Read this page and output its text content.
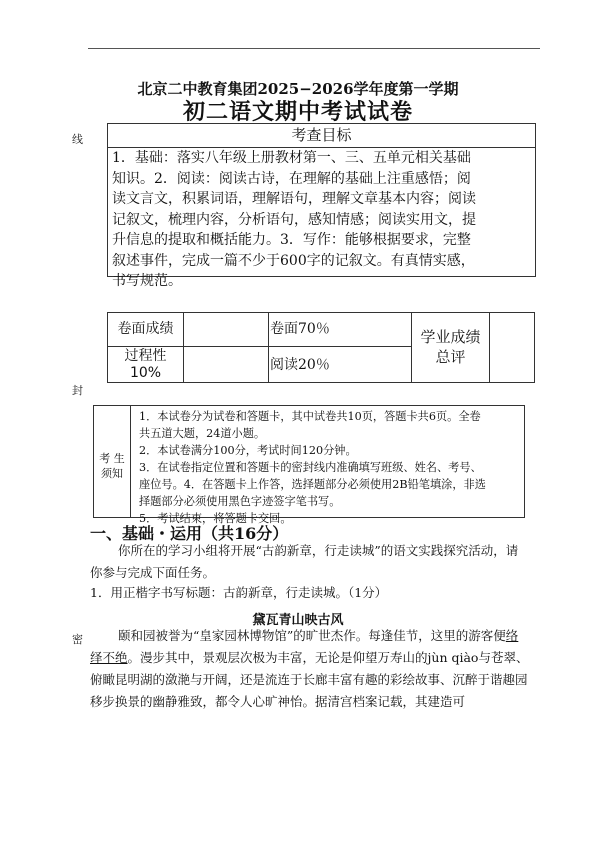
北京二中教育集团2025−2026学年度第一学期
初二语文期中考试试卷
线
封
密
考查目标
1．基础：落实八年级上册教材第一、三、五单元相关基础
知识。2．阅读：阅读古诗，在理解的基础上注重感悟；阅
读文言文，积累词语，理解语句，理解文章基本内容；阅读
记叙文，梳理内容，分析语句，感知情感；阅读实用文，提
升信息的提取和概括能力。3．写作：能够根据要求，完整
叙述事件，完成一篇不少于600字的记叙文。有真情实感，
书写规范。
卷面成绩	卷面70％
过程性
10%	阅读20％
学业成绩
总评
考 生
须知
1．本试卷分为试卷和答题卡，其中试卷共10页，答题卡共6页。全卷
共五道大题，24道小题。
2．本试卷满分100分，考试时间120分钟。
3．在试卷指定位置和答题卡的密封线内准确填写班级、姓名、考号、
座位号。4．在答题卡上作答，选择题部分必须使用2B铅笔填涂，非选
择题部分必须使用黑色字迹签字笔书写。
5．考试结束，将答题卡交回。
一、基础・运用（共16分）
你所在的学习小组将开展“古韵新章，行走读城”的语文实践探究活动，请
你参与完成下面任务。
1．用正楷字书写标题：古韵新章，行走读城。（1分）
黛瓦青山映古风
颐和园被誉为“皇家园林博物馆”的旷世杰作。每逢佳节，这里的游客便络
绎不绝。漫步其中，景观层次极为丰富，无论是仰望万寿山的jùn qiào与苍翠、
俯瞰昆明湖的潋滟与开阔，还是流连于长廊丰富有趣的彩绘故事、沉醉于谐趣园
移步换景的幽静雅致，都令人心旷神怡。据清宫档案记载，其建造可
